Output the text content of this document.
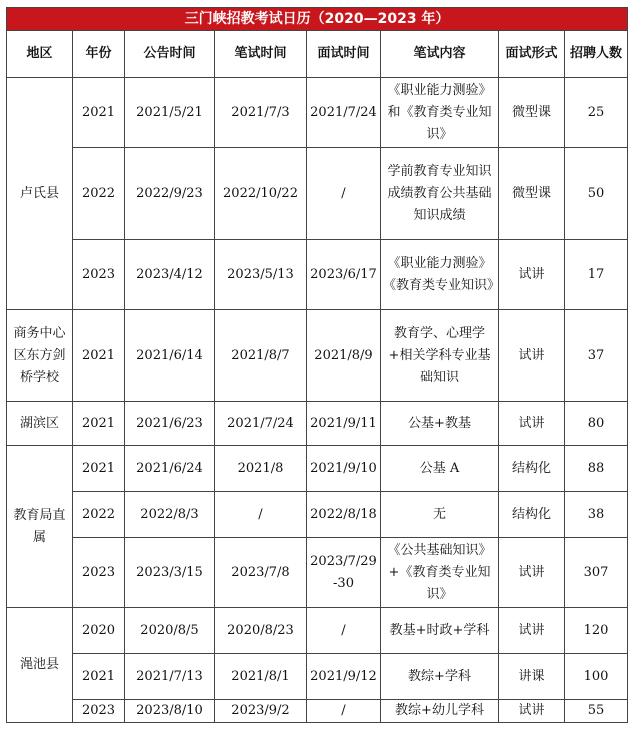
三门峡招教考试日历（2020—2023 年）							
地区	年份	公告时间	笔试时间	面试时间	笔试内容	面试形式	招聘人数
卢氏县	2021	2021/5/21	2021/7/3	2021/7/24	《职业能力测验》和《教育类专业知识》	微型课	25
	2022	2022/9/23	2022/10/22	/	学前教育专业知识成绩教育公共基础知识成绩	微型课	50
	2023	2023/4/12	2023/5/13	2023/6/17	《职业能力测验》《教育类专业知识》	试讲	17
商务中心区东方剑桥学校	2021	2021/6/14	2021/8/7	2021/8/9	教育学、心理学+相关学科专业基础知识	试讲	37
湖滨区	2021	2021/6/23	2021/7/24	2021/9/11	公基+教基	试讲	80
教育局直属	2021	2021/6/24	2021/8	2021/9/10	公基 A	结构化	88
	2022	2022/8/3	/	2022/8/18	无	结构化	38
	2023	2023/3/15	2023/7/8	2023/7/29-30	《公共基础知识》+《教育类专业知识》	试讲	307
渑池县	2020	2020/8/5	2020/8/23	/	教基+时政+学科	试讲	120
	2021	2021/7/13	2021/8/1	2021/9/12	教综+学科	讲课	100
	2023	2023/8/10	2023/9/2	/	教综+幼儿学科	试讲	55
